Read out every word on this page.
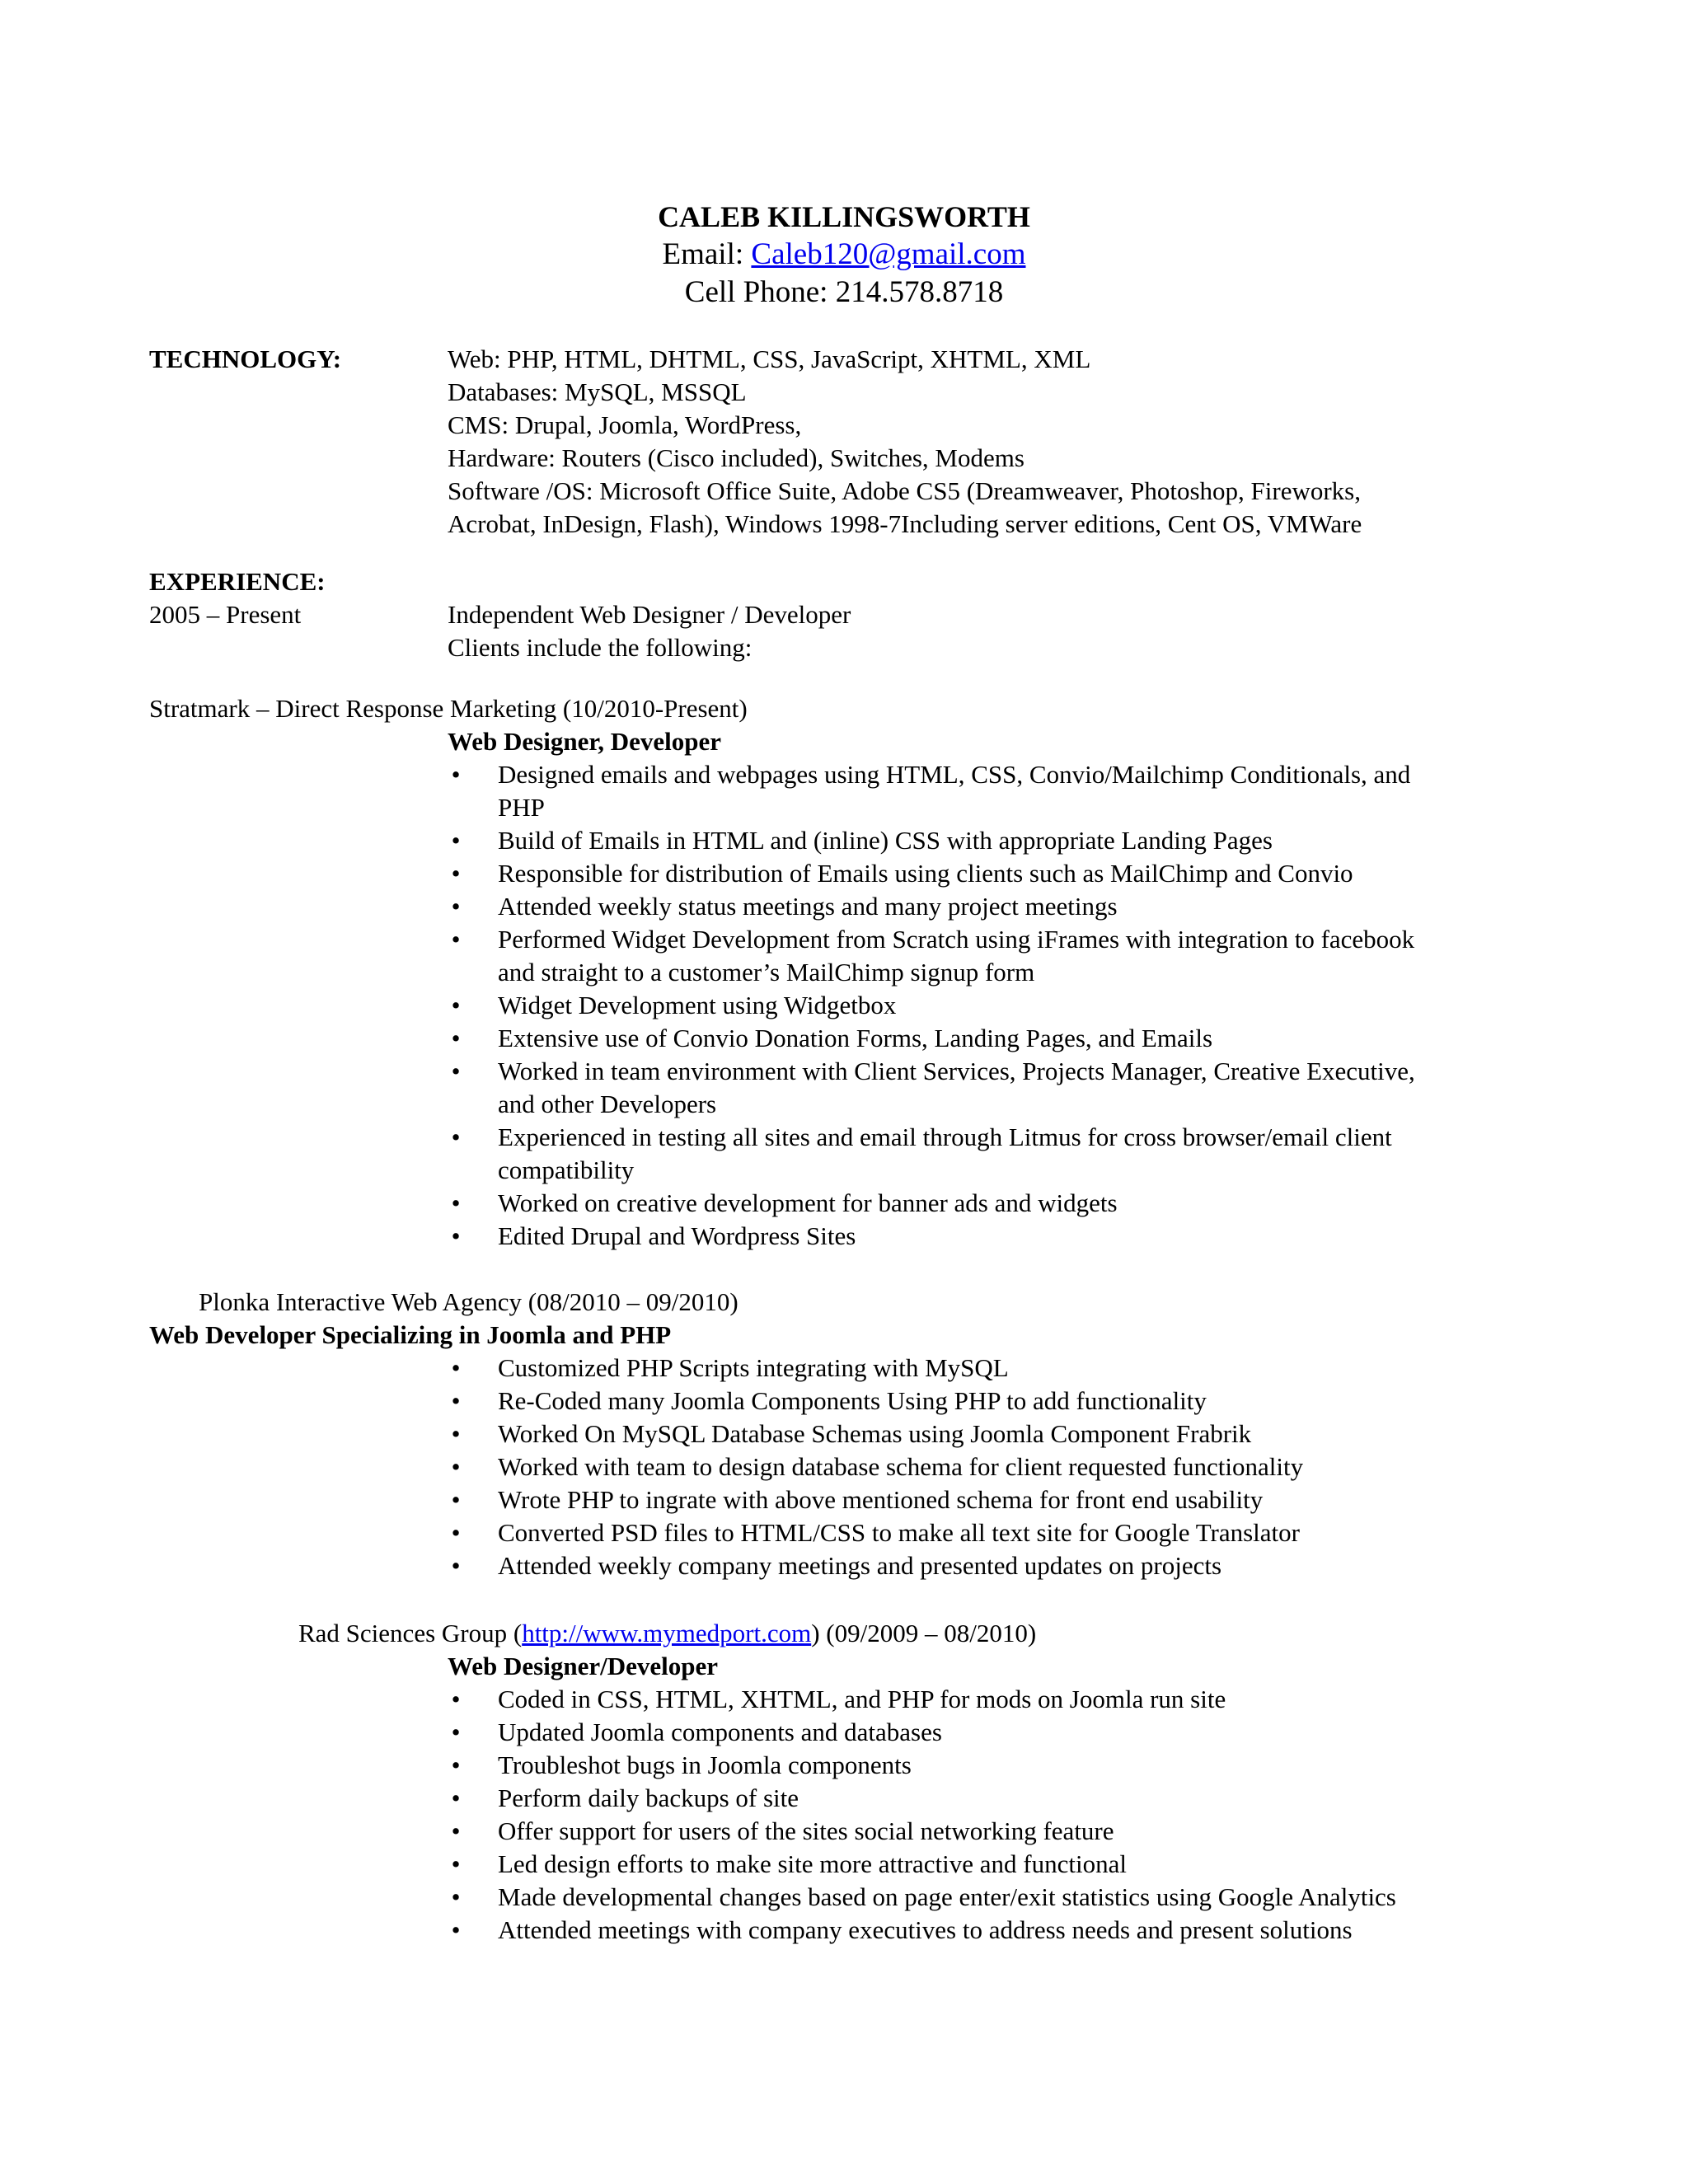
CALEB KILLINGSWORTH
Email: Caleb120@gmail.com
Cell Phone: 214.578.8718
TECHNOLOGY:	Web: PHP, HTML, DHTML, CSS, JavaScript, XHTML, XML
Databases: MySQL, MSSQL
CMS: Drupal, Joomla, WordPress,
Hardware: Routers (Cisco included), Switches, Modems
Software /OS: Microsoft Office Suite, Adobe CS5 (Dreamweaver, Photoshop, Fireworks,
Acrobat, InDesign, Flash), Windows 1998-7Including server editions, Cent OS, VMWare
EXPERIENCE:
2005 – Present	Independent Web Designer / Developer
Clients include the following:
Stratmark – Direct Response Marketing (10/2010-Present)
Web Designer, Developer
• Designed emails and webpages using HTML, CSS, Convio/Mailchimp Conditionals, and
PHP
• Build of Emails in HTML and (inline) CSS with appropriate Landing Pages
• Responsible for distribution of Emails using clients such as MailChimp and Convio
• Attended weekly status meetings and many project meetings
• Performed Widget Development from Scratch using iFrames with integration to facebook
and straight to a customer’s MailChimp signup form
• Widget Development using Widgetbox
• Extensive use of Convio Donation Forms, Landing Pages, and Emails
• Worked in team environment with Client Services, Projects Manager, Creative Executive,
and other Developers
• Experienced in testing all sites and email through Litmus for cross browser/email client
compatibility
• Worked on creative development for banner ads and widgets
• Edited Drupal and Wordpress Sites
Plonka Interactive Web Agency (08/2010 – 09/2010)
Web Developer Specializing in Joomla and PHP
• Customized PHP Scripts integrating with MySQL
• Re-Coded many Joomla Components Using PHP to add functionality
• Worked On MySQL Database Schemas using Joomla Component Frabrik
• Worked with team to design database schema for client requested functionality
• Wrote PHP to ingrate with above mentioned schema for front end usability
• Converted PSD files to HTML/CSS to make all text site for Google Translator
• Attended weekly company meetings and presented updates on projects
Rad Sciences Group (http://www.mymedport.com) (09/2009 – 08/2010)
Web Designer/Developer
• Coded in CSS, HTML, XHTML, and PHP for mods on Joomla run site
• Updated Joomla components and databases
• Troubleshot bugs in Joomla components
• Perform daily backups of site
• Offer support for users of the sites social networking feature
• Led design efforts to make site more attractive and functional
• Made developmental changes based on page enter/exit statistics using Google Analytics
• Attended meetings with company executives to address needs and present solutions
